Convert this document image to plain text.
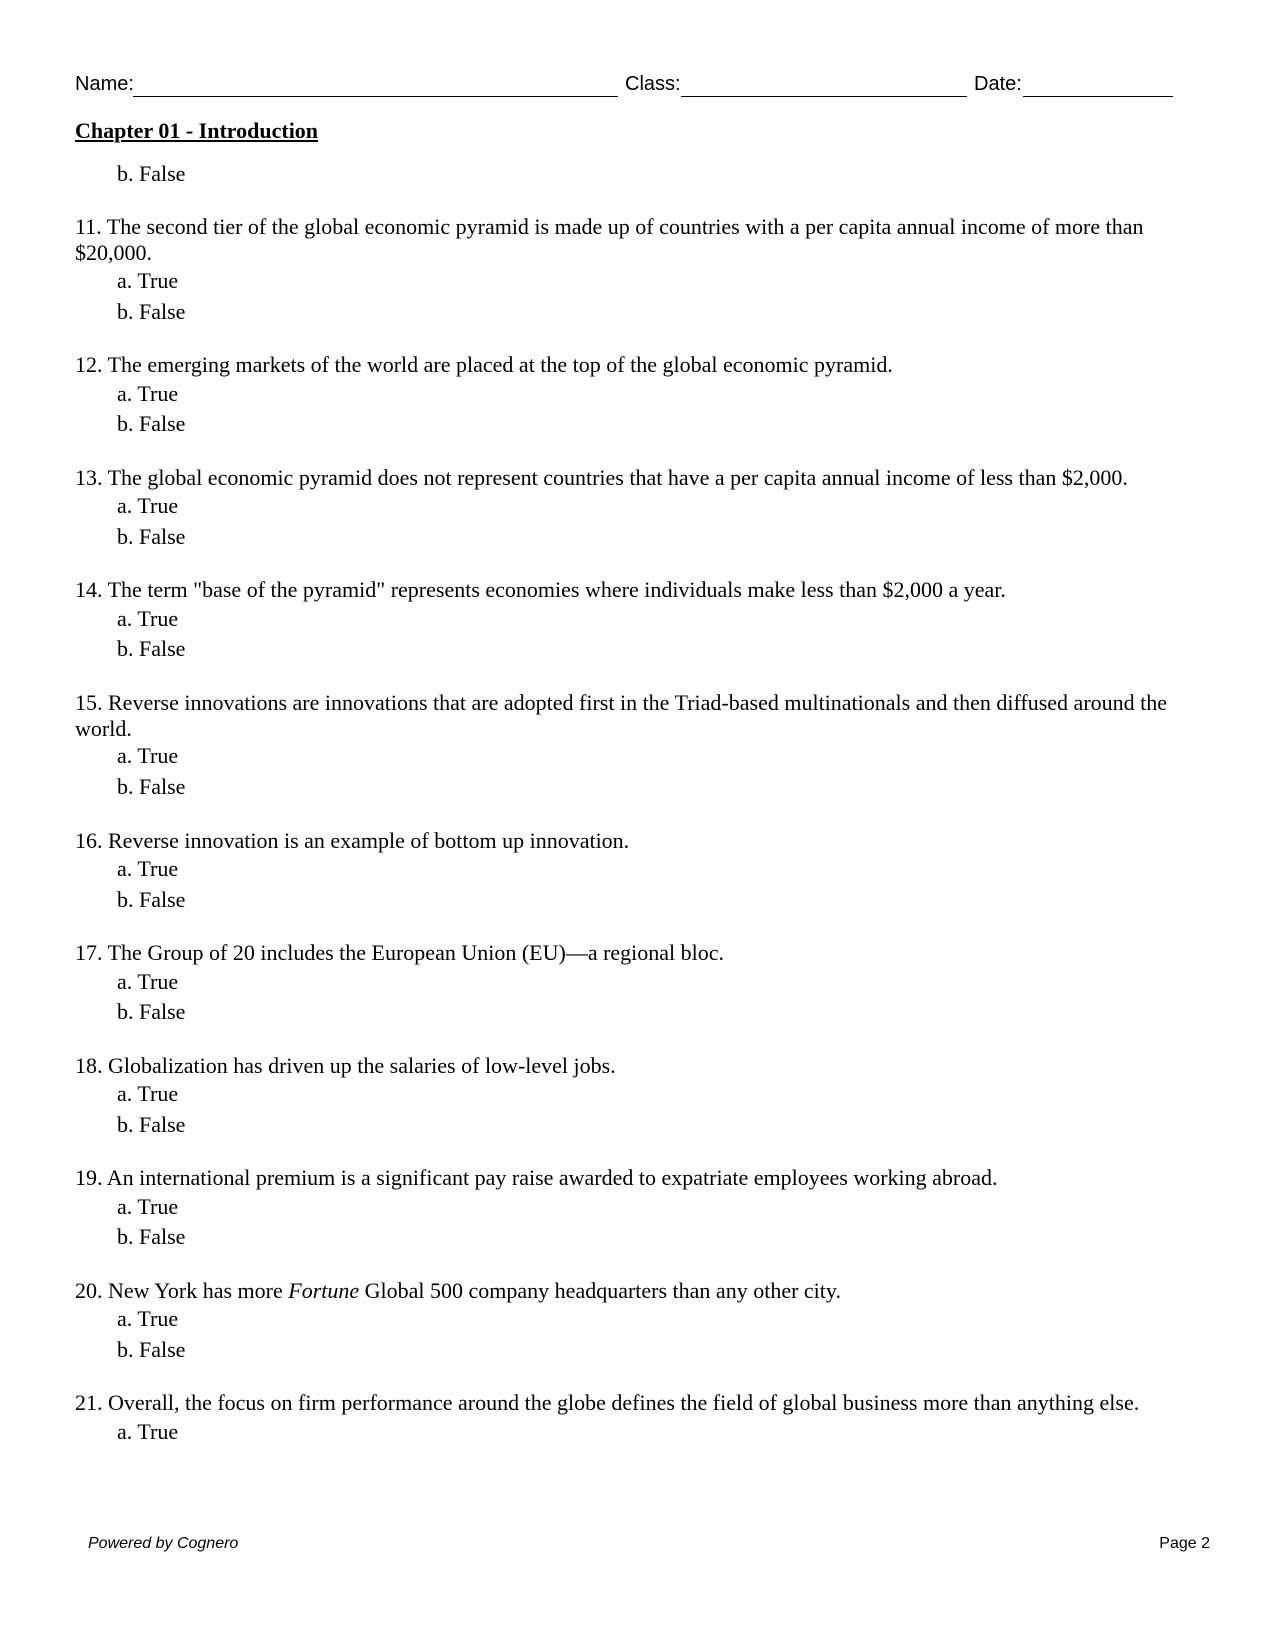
Name:	Class:	Date:
Chapter 01 - Introduction
b. False
11. The second tier of the global economic pyramid is made up of countries with a per capita annual income of more than $20,000.
a. True
b. False
12. The emerging markets of the world are placed at the top of the global economic pyramid.
a. True
b. False
13. The global economic pyramid does not represent countries that have a per capita annual income of less than $2,000.
a. True
b. False
14. The term "base of the pyramid" represents economies where individuals make less than $2,000 a year.
a. True
b. False
15. Reverse innovations are innovations that are adopted first in the Triad-based multinationals and then diffused around the world.
a. True
b. False
16. Reverse innovation is an example of bottom up innovation.
a. True
b. False
17. The Group of 20 includes the European Union (EU)—a regional bloc.
a. True
b. False
18. Globalization has driven up the salaries of low-level jobs.
a. True
b. False
19. An international premium is a significant pay raise awarded to expatriate employees working abroad.
a. True
b. False
20. New York has more Fortune Global 500 company headquarters than any other city.
a. True
b. False
21. Overall, the focus on firm performance around the globe defines the field of global business more than anything else.
a. True
Powered by Cognero	Page 2
